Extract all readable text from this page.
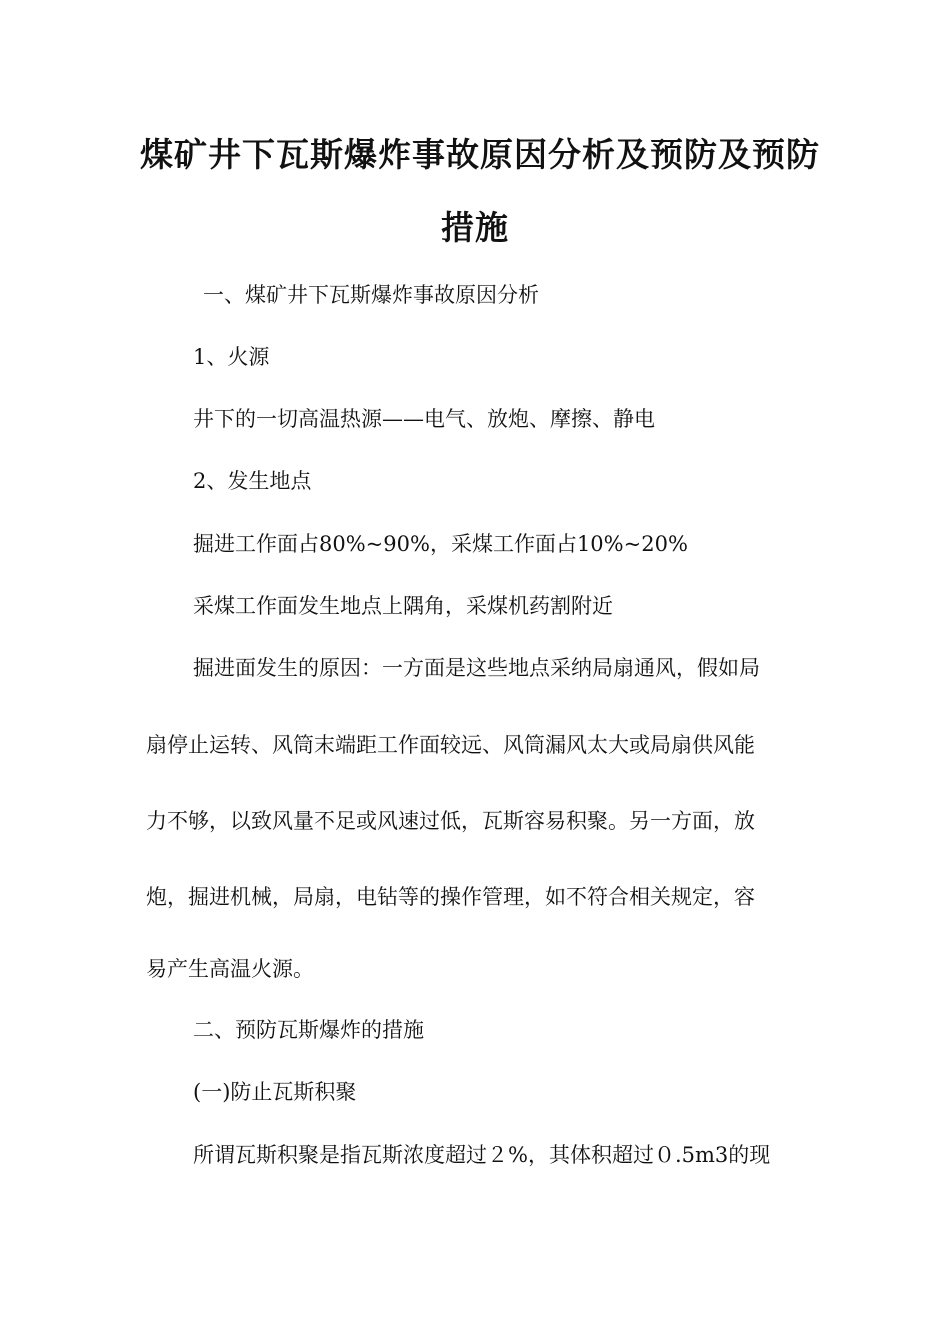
煤矿井下瓦斯爆炸事故原因分析及预防及预防
措施
一、煤矿井下瓦斯爆炸事故原因分析
1、火源
井下的一切高温热源——电气、放炮、摩擦、静电
2、发生地点
掘进工作面占80%~90%，采煤工作面占10%~20%
采煤工作面发生地点上隅角，采煤机药割附近
掘进面发生的原因：一方面是这些地点采纳局扇通风，假如局
扇停止运转、风筒末端距工作面较远、风筒漏风太大或局扇供风能
力不够，以致风量不足或风速过低，瓦斯容易积聚。另一方面，放
炮，掘进机械，局扇，电钻等的操作管理，如不符合相关规定，容
易产生高温火源。
二、预防瓦斯爆炸的措施
(一)防止瓦斯积聚
所谓瓦斯积聚是指瓦斯浓度超过２%，其体积超过０.5m3的现
